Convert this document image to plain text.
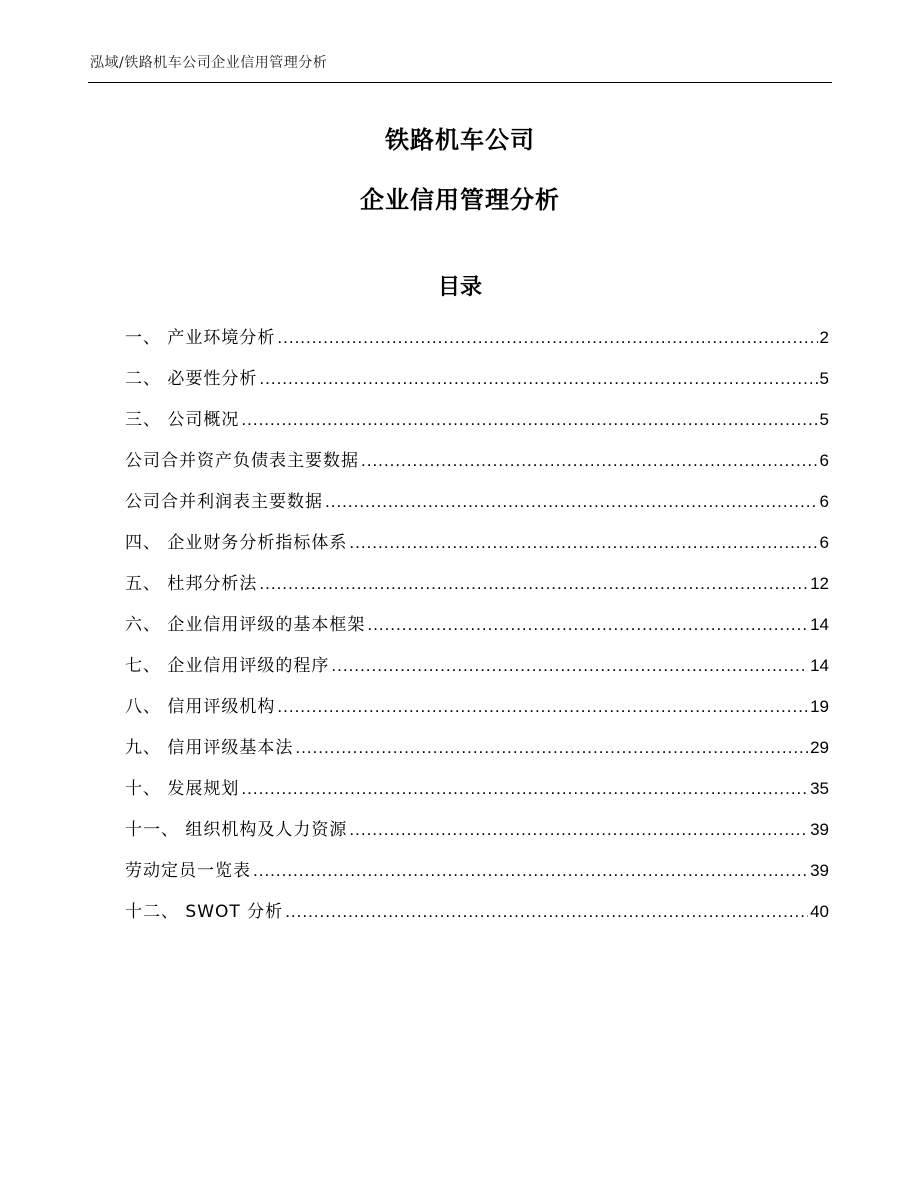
泓域/铁路机车公司企业信用管理分析
铁路机车公司
企业信用管理分析
目录
一、 产业环境分析 .....	2
二、 必要性分析 .....	5
三、 公司概况 .....	5
公司合并资产负债表主要数据 .....	6
公司合并利润表主要数据 .....	6
四、 企业财务分析指标体系 .....	6
五、 杜邦分析法 .....	12
六、 企业信用评级的基本框架 .....	14
七、 企业信用评级的程序 .....	14
八、 信用评级机构 .....	19
九、 信用评级基本法 .....	29
十、 发展规划 .....	35
十一、 组织机构及人力资源 .....	39
劳动定员一览表 .....	39
十二、 SWOT 分析 .....	40
